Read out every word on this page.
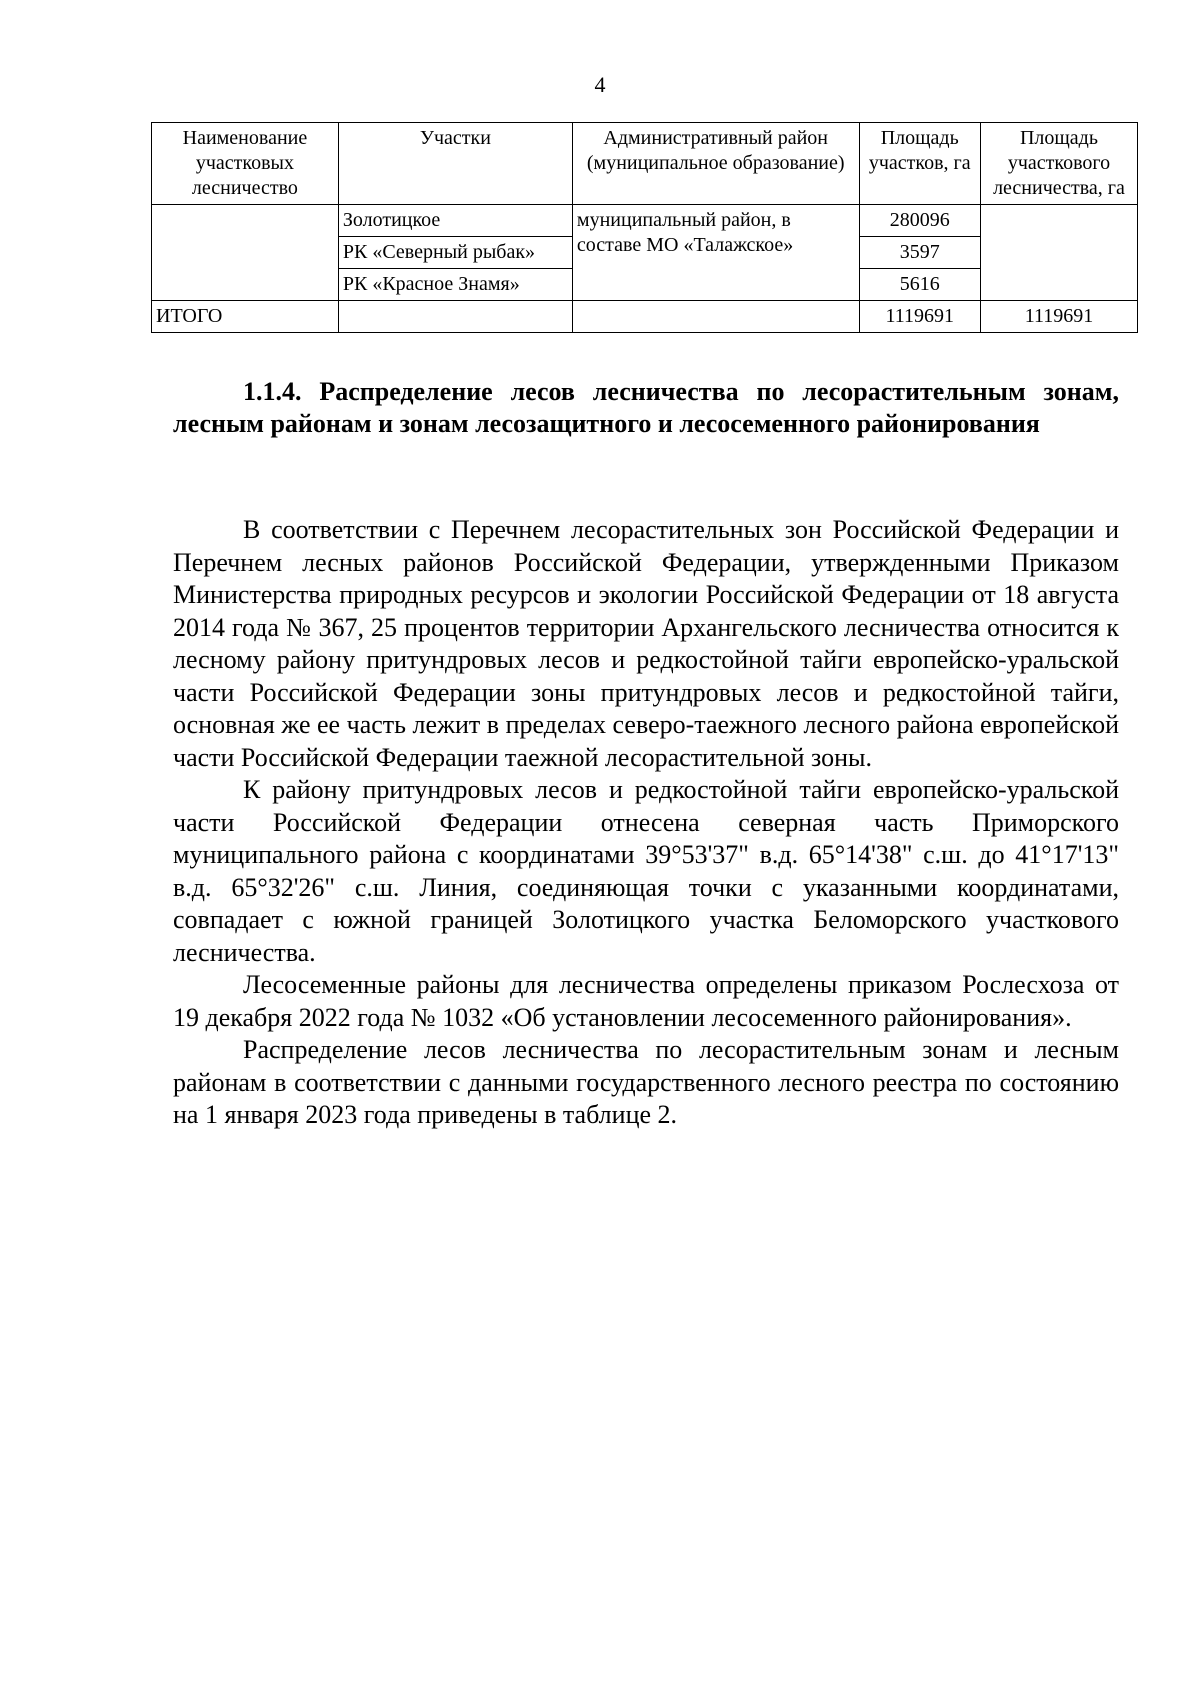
4
Наименование участковых лесничество	Участки	Административный район (муниципальное образование)	Площадь участков, га	Площадь участкового лесничества, га
	Золотицкое	муниципальный район, в составе МО «Талажское»	280096	
	РК «Северный рыбак»		3597	
	РК «Красное Знамя»		5616	
ИТОГО			1119691	1119691
1.1.4. Распределение лесов лесничества по лесорастительным зонам, лесным районам и зонам лесозащитного и лесосеменного районирования

В соответствии с Перечнем лесорастительных зон Российской Федерации и Перечнем лесных районов Российской Федерации, утвержденными Приказом Министерства природных ресурсов и экологии Российской Федерации от 18 августа 2014 года № 367, 25 процентов территории Архангельского лесничества относится к лесному району притундровых лесов и редкостойной тайги европейско-уральской части Российской Федерации зоны притундровых лесов и редкостойной тайги, основная же ее часть лежит в пределах северо-таежного лесного района европейской части Российской Федерации таежной лесорастительной зоны.

К району притундровых лесов и редкостойной тайги европейско-уральской части Российской Федерации отнесена северная часть Приморского муниципального района с координатами 39°53'37" в.д. 65°14'38" с.ш. до 41°17'13" в.д. 65°32'26" с.ш. Линия, соединяющая точки с указанными координатами, совпадает с южной границей Золотицкого участка Беломорского участкового лесничества.

Лесосеменные районы для лесничества определены приказом Рослесхоза от 19 декабря 2022 года № 1032 «Об установлении лесосеменного районирования».

Распределение лесов лесничества по лесорастительным зонам и лесным районам в соответствии с данными государственного лесного реестра по состоянию на 1 января 2023 года приведены в таблице 2.
